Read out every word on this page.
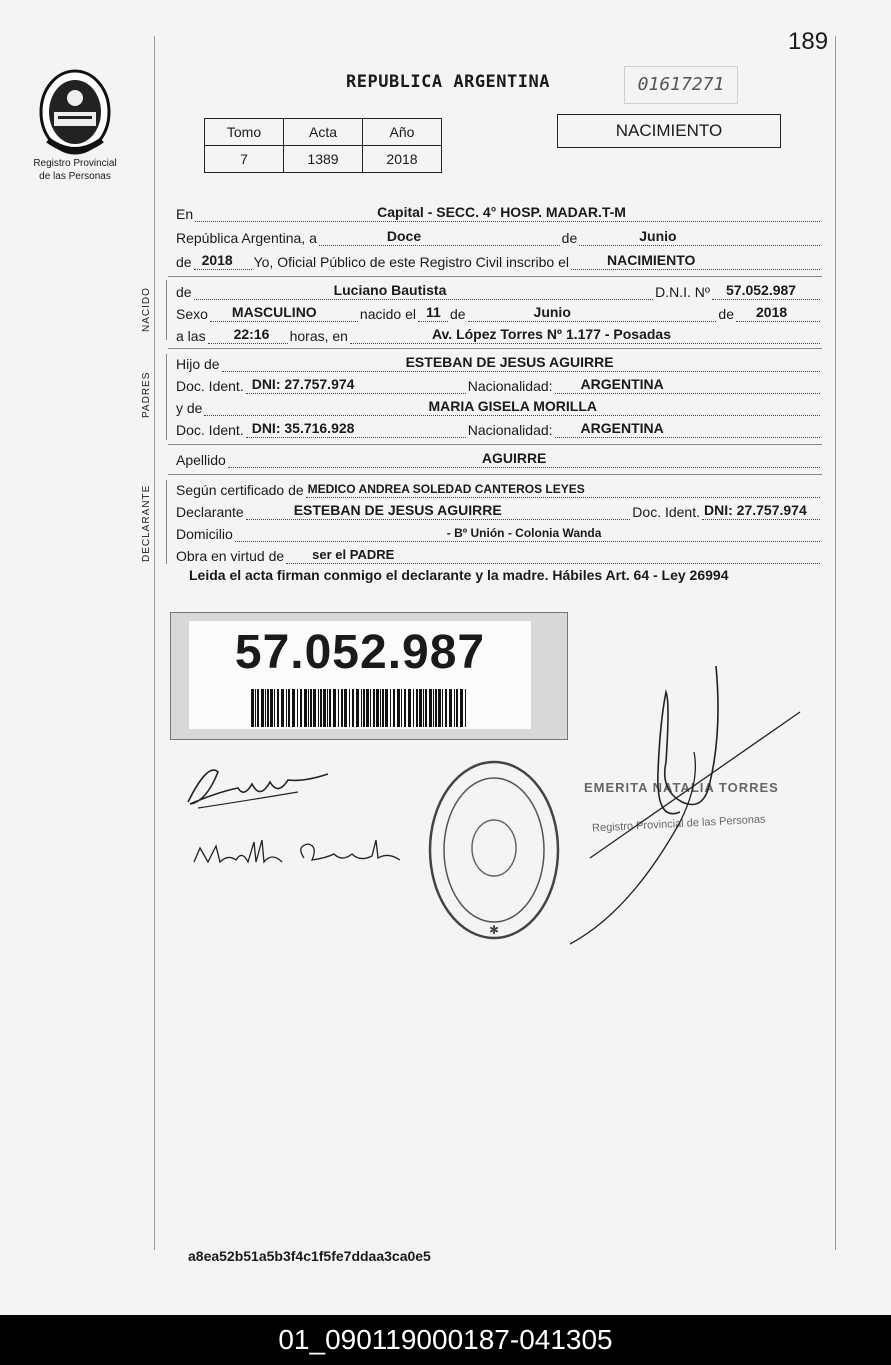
189
Registro Provincial
de las Personas
REPUBLICA ARGENTINA	01617271
Tomo	Acta	Año
7	1389	2018
NACIMIENTO
En	Capital - SECC. 4° HOSP. MADAR.T-M
República Argentina, a	Doce	de	Junio
de 2018 Yo, Oficial Público de este Registro Civil inscribo el	NACIMIENTO
NACIDO de	Luciano Bautista	D.N.I. Nº 57.052.987
Sexo MASCULINO	nacido el 11 de	Junio	de 2018
a las 22:16 horas, en	Av. López Torres Nº 1.177 - Posadas
PADRES
Hijo de	ESTEBAN DE JESUS AGUIRRE
Doc. Ident. DNI: 27.757.974	Nacionalidad: ARGENTINA
y de	MARIA GISELA MORILLA
Doc. Ident. DNI: 35.716.928	Nacionalidad: ARGENTINA
Apellido	AGUIRRE
DECLARANTE Según certificado de MEDICO ANDREA SOLEDAD CANTEROS LEYES
Declarante	ESTEBAN DE JESUS AGUIRRE	Doc. Ident. DNI: 27.757.974
Domicilio	- Bº Unión - Colonia Wanda
Obra en virtud de ser el PADRE
Leida el acta firman conmigo el declarante y la madre. Hábiles Art. 64 - Ley 26994
57.052.987
✱
EMERITA NATALIA TORRES
Registro Provincial de las Personas
a8ea52b51a5b3f4c1f5fe7ddaa3ca0e5
01_090119000187-041305
